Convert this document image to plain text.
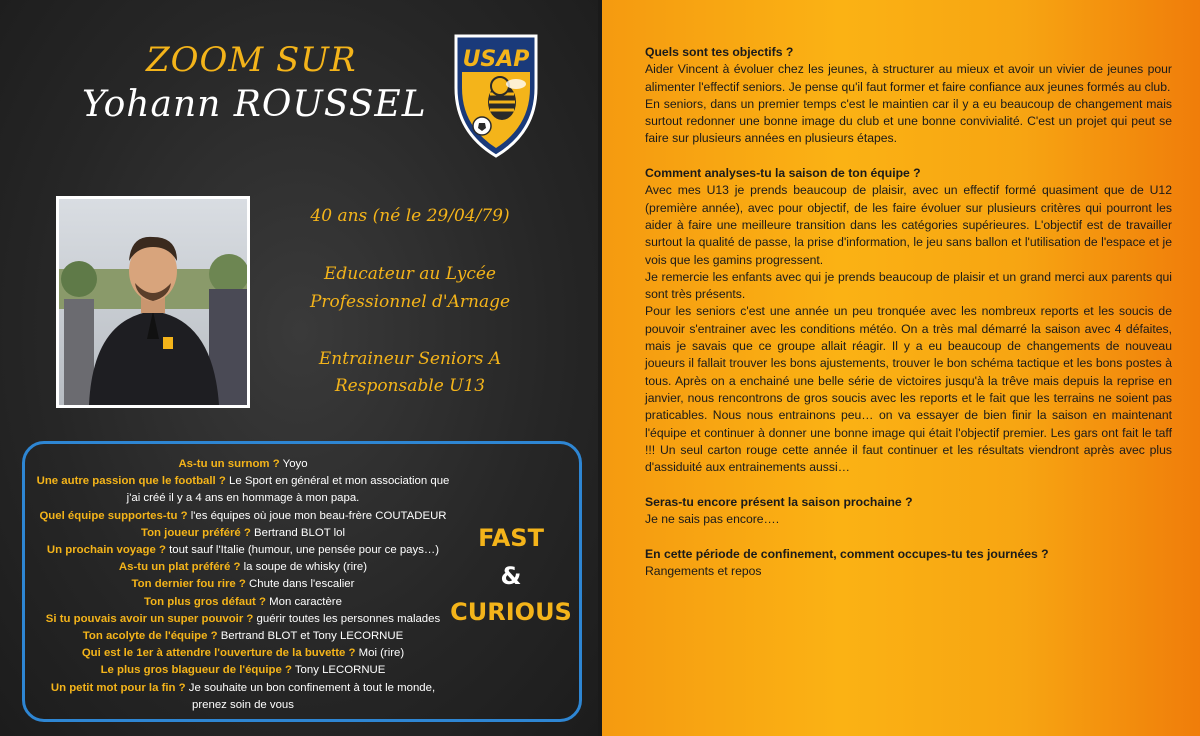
ZOOM SUR
Yohann ROUSSEL
USAP
40 ans (né le 29/04/79)
Educateur au Lycée
Professionnel d'Arnage
Entraineur Seniors A
Responsable U13
As-tu un surnom ? Yoyo
Une autre passion que le football ? Le Sport en général et mon association que
j'ai créé il y a 4 ans en hommage à mon papa.
Quel équipe supportes-tu ? l'es équipes où joue mon beau-frère COUTADEUR
Ton joueur préféré ? Bertrand BLOT lol
Un prochain voyage ? tout sauf l'Italie (humour, une pensée pour ce pays…)
As-tu un plat préféré ? la soupe de whisky (rire)
Ton dernier fou rire ? Chute dans l'escalier
Ton plus gros défaut ? Mon caractère
Si tu pouvais avoir un super pouvoir ? guérir toutes les personnes malades
Ton acolyte de l'équipe ? Bertrand BLOT et Tony LECORNUE
Qui est le 1er à attendre l'ouverture de la buvette ? Moi (rire)
Le plus gros blagueur de l'équipe ? Tony LECORNUE
Un petit mot pour la fin ? Je souhaite un bon confinement à tout le monde,
prenez soin de vous
FAST
&
CURIOUS

Quels sont tes objectifs ?

Aider Vincent à évoluer chez les jeunes, à structurer au mieux et avoir un vivier de jeunes pour alimenter l'effectif seniors. Je pense qu'il faut former et faire confiance aux jeunes formés au club.

En seniors, dans un premier temps c'est le maintien car il y a eu beaucoup de changement mais surtout redonner une bonne image du club et une bonne convivialité. C'est un projet qui peut se faire sur plusieurs années en plusieurs étapes.

Comment analyses-tu la saison de ton équipe ?

Avec mes U13 je prends beaucoup de plaisir, avec un effectif formé quasiment que de U12 (première année), avec pour objectif, de les faire évoluer sur plusieurs critères qui pourront les aider à faire une meilleure transition dans les catégories supérieures. L'objectif est de travailler surtout la qualité de passe, la prise d'information, le jeu sans ballon et l'utilisation de l'espace et je vois que les gamins progressent.

Je remercie les enfants avec qui je prends beaucoup de plaisir et un grand merci aux parents qui sont très présents.

Pour les seniors c'est une année un peu tronquée avec les nombreux reports et les soucis de pouvoir s'entrainer avec les conditions météo. On a très mal démarré la saison avec 4 défaites, mais je savais que ce groupe allait réagir. Il y a eu beaucoup de changements de nouveau joueurs il fallait trouver les bons ajustements, trouver le bon schéma tactique et les bons postes à tous. Après on a enchainé une belle série de victoires jusqu'à la trêve mais depuis la reprise en janvier, nous rencontrons de gros soucis avec les reports et le fait que les terrains ne soient pas praticables. Nous nous entrainons peu… on va essayer de bien finir la saison en maintenant l'équipe et continuer à donner une bonne image qui était l'objectif premier. Les gars ont fait le taff !!! Un seul carton rouge cette année il faut continuer et les résultats viendront après avec plus d'assiduité aux entrainements aussi…

Seras-tu encore présent la saison prochaine ?

Je ne sais pas encore….

En cette période de confinement, comment occupes-tu tes journées ?

Rangements et repos
